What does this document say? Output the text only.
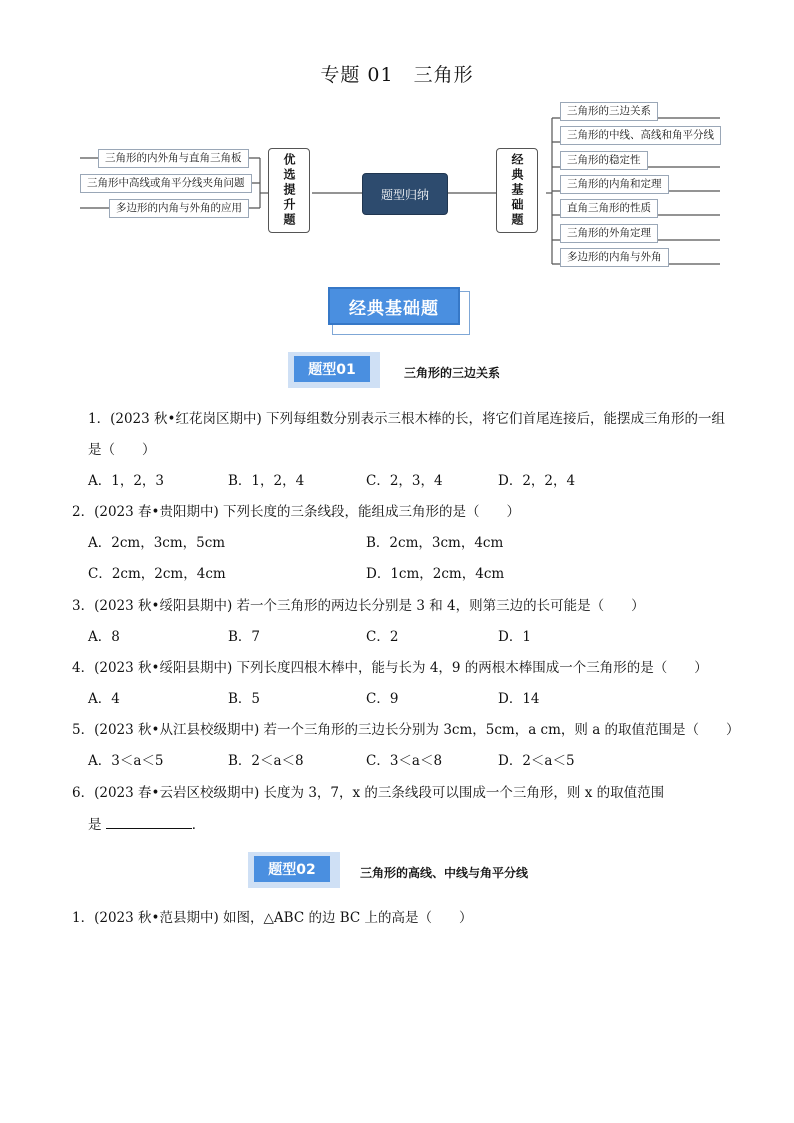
专题 01　三角形
三角形的内外角与直角三角板
三角形中高线或角平分线夹角问题
多边形的内角与外角的应用	优选提升题	题型归纳	经典基础题
三角形的三边关系
三角形的中线、高线和角平分线
三角形的稳定性
三角形的内角和定理
直角三角形的性质
三角形的外角定理
多边形的内角与外角
经典基础题
题型01	三角形的三边关系
1．(2023 秋•红花岗区期中) 下列每组数分别表示三根木棒的长，将它们首尾连接后，能摆成三角形的一组
是（　　）
A．1，2，3	B．1，2，4	C．2，3，4	D．2，2，4
2．(2023 春•贵阳期中) 下列长度的三条线段，能组成三角形的是（　　）
A．2cm，3cm，5cm	B．2cm，3cm，4cm
C．2cm，2cm，4cm	D．1cm，2cm，4cm
3．(2023 秋•绥阳县期中) 若一个三角形的两边长分别是 3 和 4，则第三边的长可能是（　　）
A．8	B．7	C．2	D．1
4．(2023 秋•绥阳县期中) 下列长度四根木棒中，能与长为 4，9 的两根木棒围成一个三角形的是（　　）
A．4	B．5	C．9	D．14
5．(2023 秋•从江县校级期中) 若一个三角形的三边长分别为 3cm，5cm，a cm，则 a 的取值范围是（　　）
A．3＜a＜5	B．2＜a＜8	C．3＜a＜8	D．2＜a＜5
6．(2023 春•云岩区校级期中) 长度为 3，7，x 的三条线段可以围成一个三角形，则 x 的取值范围
是	．
题型02	三角形的高线、中线与角平分线
1．(2023 秋•范县期中) 如图，△ABC 的边 BC 上的高是（　　）
